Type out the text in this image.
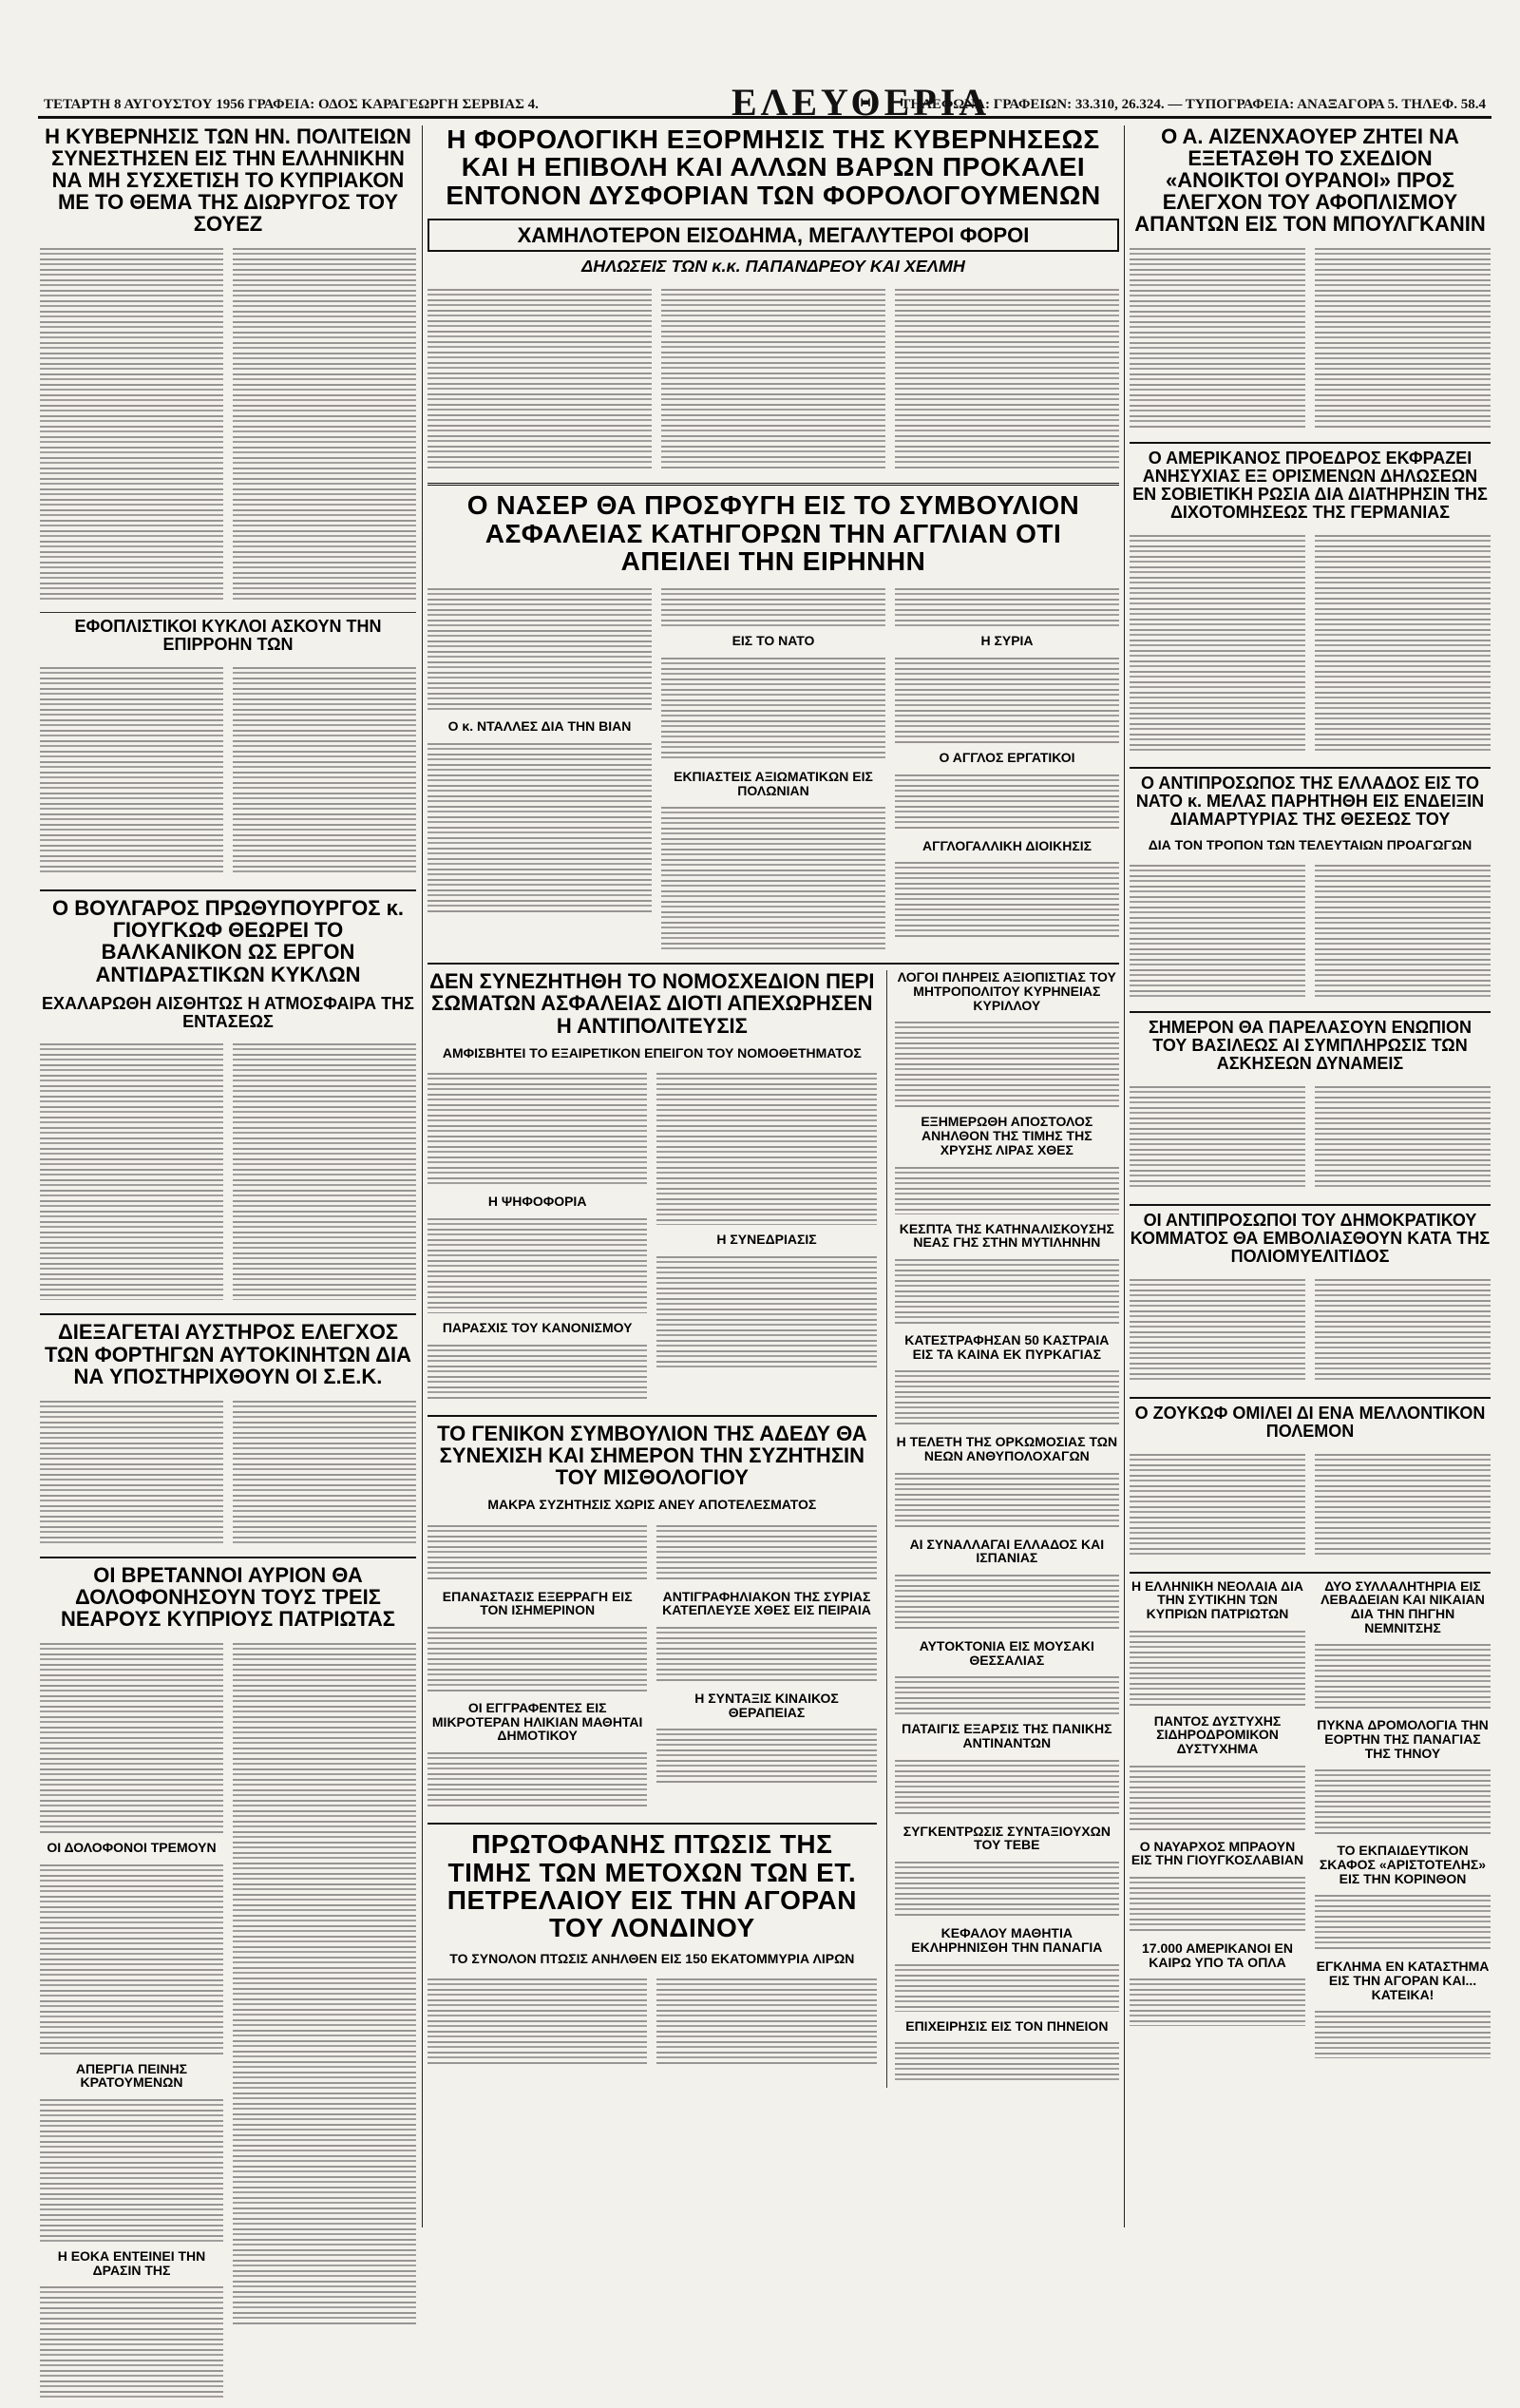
ΤΕΤΑΡΤΗ 8 ΑΥΓΟΥΣΤΟΥ 1956 ΓΡΑΦΕΙΑ: ΟΔΟΣ ΚΑΡΑΓΕΩΡΓΗ ΣΕΡΒΙΑΣ 4.	ΕΛΕΥΘΕΡΙΑ
ΤΗΛΕΦΩΝΑ: ΓΡΑΦΕΙΩΝ: 33.310, 26.324. — ΤΥΠΟΓΡΑΦΕΙΑ: ΑΝΑΞΑΓΟΡΑ 5. ΤΗΛΕΦ. 58.4
Η ΚΥΒΕΡΝΗΣΙΣ ΤΩΝ ΗΝ. ΠΟΛΙΤΕΙΩΝ ΣΥΝΕΣΤΗΣΕΝ ΕΙΣ ΤΗΝ ΕΛΛΗΝΙΚΗΝ ΝΑ ΜΗ ΣΥΣΧΕΤΙΣΗ ΤΟ ΚΥΠΡΙΑΚΟΝ ΜΕ ΤΟ ΘΕΜΑ ΤΗΣ ΔΙΩΡΥΓΟΣ ΤΟΥ ΣΟΥΕΖ
ΕΦΟΠΛΙΣΤΙΚΟΙ ΚΥΚΛΟΙ ΑΣΚΟΥΝ ΤΗΝ ΕΠΙΡΡΟΗΝ ΤΩΝ
Ο ΒΟΥΛΓΑΡΟΣ ΠΡΩΘΥΠΟΥΡΓΟΣ κ. ΓΙΟΥΓΚΩΦ ΘΕΩΡΕΙ ΤΟ ΒΑΛΚΑΝΙΚΟΝ ΩΣ ΕΡΓΟΝ ΑΝΤΙΔΡΑΣΤΙΚΩΝ ΚΥΚΛΩΝ
ΕΧΑΛΑΡΩΘΗ ΑΙΣΘΗΤΩΣ Η ΑΤΜΟΣΦΑΙΡΑ ΤΗΣ ΕΝΤΑΣΕΩΣ
ΔΙΕΞΑΓΕΤΑΙ ΑΥΣΤΗΡΟΣ ΕΛΕΓΧΟΣ ΤΩΝ ΦΟΡΤΗΓΩΝ ΑΥΤΟΚΙΝΗΤΩΝ ΔΙΑ ΝΑ ΥΠΟΣΤΗΡΙΧΘΟΥΝ ΟΙ Σ.Ε.Κ.
ΟΙ ΒΡΕΤΑΝΝΟΙ ΑΥΡΙΟΝ ΘΑ ΔΟΛΟΦΟΝΗΣΟΥΝ ΤΟΥΣ ΤΡΕΙΣ ΝΕΑΡΟΥΣ ΚΥΠΡΙΟΥΣ ΠΑΤΡΙΩΤΑΣ
ΟΙ ΔΟΛΟΦΟΝΟΙ ΤΡΕΜΟΥΝ
ΑΠΕΡΓΙΑ ΠΕΙΝΗΣ ΚΡΑΤΟΥΜΕΝΩΝ
Η ΕΟΚΑ ΕΝΤΕΙΝΕΙ ΤΗΝ ΔΡΑΣΙΝ ΤΗΣ
Η ΦΟΡΟΛΟΓΙΚΗ ΕΞΟΡΜΗΣΙΣ ΤΗΣ ΚΥΒΕΡΝΗΣΕΩΣ ΚΑΙ Η ΕΠΙΒΟΛΗ ΚΑΙ ΑΛΛΩΝ ΒΑΡΩΝ ΠΡΟΚΑΛΕΙ ΕΝΤΟΝΟΝ ΔΥΣΦΟΡΙΑΝ ΤΩΝ ΦΟΡΟΛΟΓΟΥΜΕΝΩΝ
ΧΑΜΗΛΟΤΕΡΟΝ ΕΙΣΟΔΗΜΑ, ΜΕΓΑΛΥΤΕΡΟΙ ΦΟΡΟΙ
ΔΗΛΩΣΕΙΣ ΤΩΝ κ.κ. ΠΑΠΑΝΔΡΕΟΥ ΚΑΙ ΧΕΛΜΗ
Ο ΝΑΣΕΡ ΘΑ ΠΡΟΣΦΥΓΗ ΕΙΣ ΤΟ ΣΥΜΒΟΥΛΙΟΝ ΑΣΦΑΛΕΙΑΣ ΚΑΤΗΓΟΡΩΝ ΤΗΝ ΑΓΓΛΙΑΝ ΟΤΙ ΑΠΕΙΛΕΙ ΤΗΝ ΕΙΡΗΝΗΝ
Ο κ. ΝΤΑΛΛΕΣ ΔΙΑ ΤΗΝ ΒΙΑΝ
ΕΙΣ ΤΟ ΝΑΤΟ
ΕΚΠΙΑΣΤΕΙΣ ΑΞΙΩΜΑΤΙΚΩΝ ΕΙΣ ΠΟΛΩΝΙΑΝ
Η ΣΥΡΙΑ
Ο ΑΓΓΛΟΣ ΕΡΓΑΤΙΚΟΙ
ΑΓΓΛΟΓΑΛΛΙΚΗ ΔΙΟΙΚΗΣΙΣ
ΔΕΝ ΣΥΝΕΖΗΤΗΘΗ ΤΟ ΝΟΜΟΣΧΕΔΙΟΝ ΠΕΡΙ ΣΩΜΑΤΩΝ ΑΣΦΑΛΕΙΑΣ ΔΙΟΤΙ ΑΠΕΧΩΡΗΣΕΝ Η ΑΝΤΙΠΟΛΙΤΕΥΣΙΣ
ΑΜΦΙΣΒΗΤΕΙ ΤΟ ΕΞΑΙΡΕΤΙΚΟΝ ΕΠΕΙΓΟΝ ΤΟΥ ΝΟΜΟΘΕΤΗΜΑΤΟΣ
Η ΨΗΦΟΦΟΡΙΑ
ΠΑΡΑΣΧΙΣ ΤΟΥ ΚΑΝΟΝΙΣΜΟΥ
Η ΣΥΝΕΔΡΙΑΣΙΣ
ΤΟ ΓΕΝΙΚΟΝ ΣΥΜΒΟΥΛΙΟΝ ΤΗΣ ΑΔΕΔΥ ΘΑ ΣΥΝΕΧΙΣΗ ΚΑΙ ΣΗΜΕΡΟΝ ΤΗΝ ΣΥΖΗΤΗΣΙΝ ΤΟΥ ΜΙΣΘΟΛΟΓΙΟΥ
ΜΑΚΡΑ ΣΥΖΗΤΗΣΙΣ ΧΩΡΙΣ ΑΝΕΥ ΑΠΟΤΕΛΕΣΜΑΤΟΣ
ΕΠΑΝΑΣΤΑΣΙΣ ΕΞΕΡΡΑΓΗ ΕΙΣ ΤΟΝ ΙΣΗΜΕΡΙΝΟΝ
ΟΙ ΕΓΓΡΑΦΕΝΤΕΣ ΕΙΣ ΜΙΚΡΟΤΕΡΑΝ ΗΛΙΚΙΑΝ ΜΑΘΗΤΑΙ ΔΗΜΟΤΙΚΟΥ
ΑΝΤΙΓΡΑΦΗΛΙΑΚΟΝ ΤΗΣ ΣΥΡΙΑΣ ΚΑΤΕΠΛΕΥΣΕ ΧΘΕΣ ΕΙΣ ΠΕΙΡΑΙΑ
Η ΣΥΝΤΑΞΙΣ ΚΙΝΑΙΚΟΣ ΘΕΡΑΠΕΙΑΣ
ΠΡΩΤΟΦΑΝΗΣ ΠΤΩΣΙΣ ΤΗΣ ΤΙΜΗΣ ΤΩΝ ΜΕΤΟΧΩΝ ΤΩΝ ΕΤ. ΠΕΤΡΕΛΑΙΟΥ ΕΙΣ ΤΗΝ ΑΓΟΡΑΝ ΤΟΥ ΛΟΝΔΙΝΟΥ
ΤΟ ΣΥΝΟΛΟΝ ΠΤΩΣΙΣ ΑΝΗΛΘΕΝ ΕΙΣ 150 ΕΚΑΤΟΜΜΥΡΙΑ ΛΙΡΩΝ
ΛΟΓΟΙ ΠΛΗΡΕΙΣ ΑΞΙΟΠΙΣΤΙΑΣ ΤΟΥ ΜΗΤΡΟΠΟΛΙΤΟΥ ΚΥΡΗΝΕΙΑΣ ΚΥΡΙΛΛΟΥ
ΕΞΗΜΕΡΩΘΗ ΑΠΟΣΤΟΛΟΣ ΑΝΗΛΘΟΝ ΤΗΣ ΤΙΜΗΣ ΤΗΣ ΧΡΥΣΗΣ ΛΙΡΑΣ ΧΘΕΣ
ΚΕΣΠΤΑ ΤΗΣ ΚΑΤΗΝΑΛΙΣΚΟΥΣΗΣ ΝΕΑΣ ΓΗΣ ΣΤΗΝ ΜΥΤΙΛΗΝΗΝ
ΚΑΤΕΣΤΡΑΦΗΣΑΝ 50 ΚΑΣΤΡΑΙΑ ΕΙΣ ΤΑ ΚΑΙΝΑ ΕΚ ΠΥΡΚΑΓΙΑΣ
Η ΤΕΛΕΤΗ ΤΗΣ ΟΡΚΩΜΟΣΙΑΣ ΤΩΝ ΝΕΩΝ ΑΝΘΥΠΟΛΟΧΑΓΩΝ
ΑΙ ΣΥΝΑΛΛΑΓΑΙ ΕΛΛΑΔΟΣ ΚΑΙ ΙΣΠΑΝΙΑΣ
ΑΥΤΟΚΤΟΝΙΑ ΕΙΣ ΜΟΥΣΑΚΙ ΘΕΣΣΑΛΙΑΣ
ΠΑΤΑΙΓΙΣ ΕΞΑΡΣΙΣ ΤΗΣ ΠΑΝΙΚΗΣ ΑΝΤΙΝΑΝΤΩΝ
ΣΥΓΚΕΝΤΡΩΣΙΣ ΣΥΝΤΑΞΙΟΥΧΩΝ ΤΟΥ ΤΕΒΕ
ΚΕΦΑΛΟΥ ΜΑΘΗΤΙΑ ΕΚΛΗΡΗΝΙΣΘΗ ΤΗΝ ΠΑΝΑΓΙΑ
ΕΠΙΧΕΙΡΗΣΙΣ ΕΙΣ ΤΟΝ ΠΗΝΕΙΟΝ
Ο Α. ΑΙΖΕΝΧΑΟΥΕΡ ΖΗΤΕΙ ΝΑ ΕΞΕΤΑΣΘΗ ΤΟ ΣΧΕΔΙΟΝ «ΑΝΟΙΚΤΟΙ ΟΥΡΑΝΟΙ» ΠΡΟΣ ΕΛΕΓΧΟΝ ΤΟΥ ΑΦΟΠΛΙΣΜΟΥ ΑΠΑΝΤΩΝ ΕΙΣ ΤΟΝ ΜΠΟΥΛΓΚΑΝΙΝ
Ο ΑΜΕΡΙΚΑΝΟΣ ΠΡΟΕΔΡΟΣ ΕΚΦΡΑΖΕΙ ΑΝΗΣΥΧΙΑΣ ΕΞ ΟΡΙΣΜΕΝΩΝ ΔΗΛΩΣΕΩΝ ΕΝ ΣΟΒΙΕΤΙΚΗ ΡΩΣΙΑ ΔΙΑ ΔΙΑΤΗΡΗΣΙΝ ΤΗΣ ΔΙΧΟΤΟΜΗΣΕΩΣ ΤΗΣ ΓΕΡΜΑΝΙΑΣ
Ο ΑΝΤΙΠΡΟΣΩΠΟΣ ΤΗΣ ΕΛΛΑΔΟΣ ΕΙΣ ΤΟ ΝΑΤΟ κ. ΜΕΛΑΣ ΠΑΡΗΤΗΘΗ ΕΙΣ ΕΝΔΕΙΞΙΝ ΔΙΑΜΑΡΤΥΡΙΑΣ ΤΗΣ ΘΕΣΕΩΣ ΤΟΥ
ΔΙΑ ΤΟΝ ΤΡΟΠΟΝ ΤΩΝ ΤΕΛΕΥΤΑΙΩΝ ΠΡΟΑΓΩΓΩΝ
ΣΗΜΕΡΟΝ ΘΑ ΠΑΡΕΛΑΣΟΥΝ ΕΝΩΠΙΟΝ ΤΟΥ ΒΑΣΙΛΕΩΣ ΑΙ ΣΥΜΠΛΗΡΩΣΙΣ ΤΩΝ ΑΣΚΗΣΕΩΝ ΔΥΝΑΜΕΙΣ
ΟΙ ΑΝΤΙΠΡΟΣΩΠΟΙ ΤΟΥ ΔΗΜΟΚΡΑΤΙΚΟΥ ΚΟΜΜΑΤΟΣ ΘΑ ΕΜΒΟΛΙΑΣΘΟΥΝ ΚΑΤΑ ΤΗΣ ΠΟΛΙΟΜΥΕΛΙΤΙΔΟΣ
Ο ΖΟΥΚΩΦ ΟΜΙΛΕΙ ΔΙ ΕΝΑ ΜΕΛΛΟΝΤΙΚΟΝ ΠΟΛΕΜΟΝ
Η ΕΛΛΗΝΙΚΗ ΝΕΟΛΑΙΑ ΔΙΑ ΤΗΝ ΣΥΤΙΚΗΝ ΤΩΝ ΚΥΠΡΙΩΝ ΠΑΤΡΙΩΤΩΝ
ΠΑΝΤΟΣ ΔΥΣΤΥΧΗΣ ΣΙΔΗΡΟΔΡΟΜΙΚΟΝ ΔΥΣΤΥΧΗΜΑ
Ο ΝΑΥΑΡΧΟΣ ΜΠΡΑΟΥΝ ΕΙΣ ΤΗΝ ΓΙΟΥΓΚΟΣΛΑΒΙΑΝ
17.000 ΑΜΕΡΙΚΑΝΟΙ ΕΝ ΚΑΙΡΩ ΥΠΟ ΤΑ ΟΠΛΑ
ΔΥΟ ΣΥΛΛΑΛΗΤΗΡΙΑ ΕΙΣ ΛΕΒΑΔΕΙΑΝ ΚΑΙ ΝΙΚΑΙΑΝ ΔΙΑ ΤΗΝ ΠΗΓΗΝ ΝΕΜΝΙΤΣΗΣ
ΠΥΚΝΑ ΔΡΟΜΟΛΟΓΙΑ ΤΗΝ ΕΟΡΤΗΝ ΤΗΣ ΠΑΝΑΓΙΑΣ ΤΗΣ ΤΗΝΟΥ
ΤΟ ΕΚΠΑΙΔΕΥΤΙΚΟΝ ΣΚΑΦΟΣ «ΑΡΙΣΤΟΤΕΛΗΣ» ΕΙΣ ΤΗΝ ΚΟΡΙΝΘΟΝ
ΕΓΚΛΗΜΑ ΕΝ ΚΑΤΑΣΤΗΜΑ ΕΙΣ ΤΗΝ ΑΓΟΡΑΝ ΚΑΙ... ΚΑΤΕΙΚΑ!
